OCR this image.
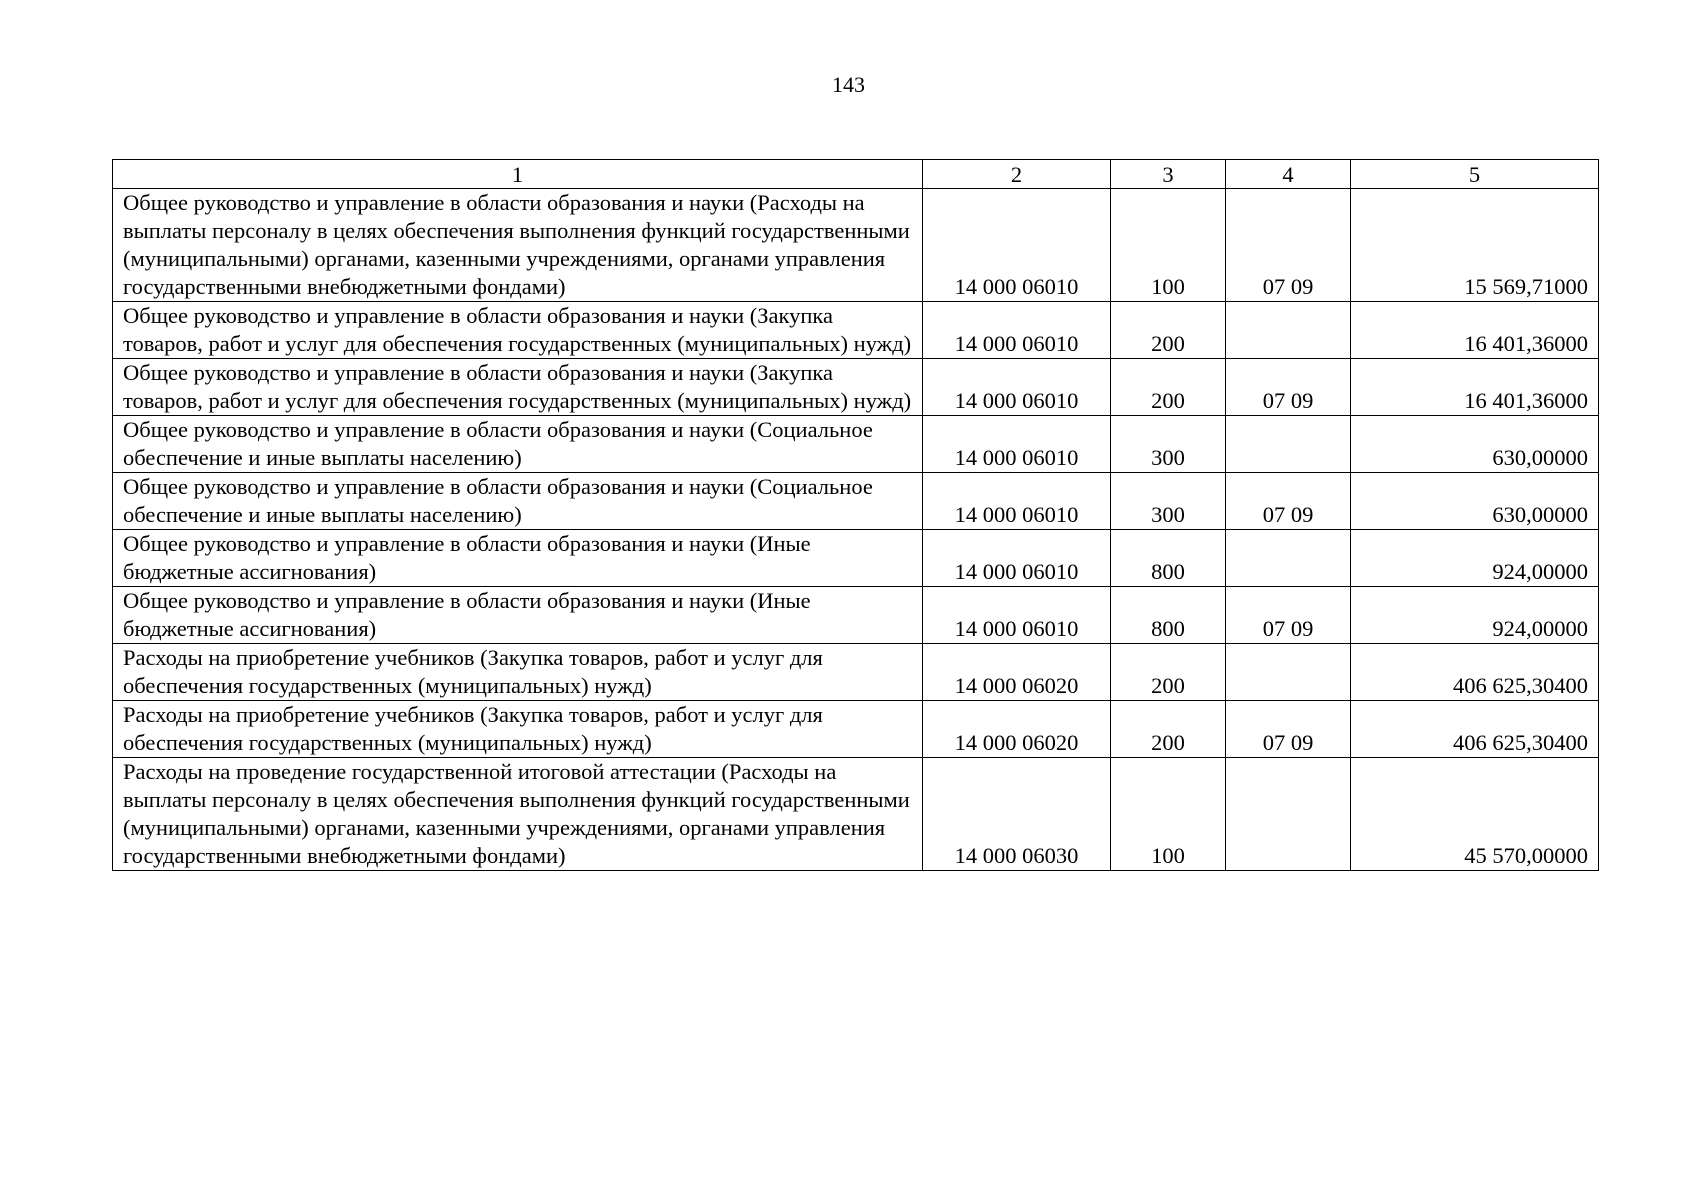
143
1	2	3	4	5
Общее руководство и управление в области образования и науки (Расходы на выплаты персоналу в целях обеспечения выполнения функций государственными (муниципальными) органами, казенными учреждениями, органами управления государственными внебюджетными фондами)	14 000 06010	100	07 09	15 569,71000
Общее руководство и управление в области образования и науки (Закупка товаров, работ и услуг для обеспечения государственных (муниципальных) нужд)	14 000 06010	200		16 401,36000
Общее руководство и управление в области образования и науки (Закупка товаров, работ и услуг для обеспечения государственных (муниципальных) нужд)	14 000 06010	200	07 09	16 401,36000
Общее руководство и управление в области образования и науки (Социальное обеспечение и иные выплаты населению)	14 000 06010	300		630,00000
Общее руководство и управление в области образования и науки (Социальное обеспечение и иные выплаты населению)	14 000 06010	300	07 09	630,00000
Общее руководство и управление в области образования и науки (Иные бюджетные ассигнования)	14 000 06010	800		924,00000
Общее руководство и управление в области образования и науки (Иные бюджетные ассигнования)	14 000 06010	800	07 09	924,00000
Расходы на приобретение учебников (Закупка товаров, работ и услуг для обеспечения государственных (муниципальных) нужд)	14 000 06020	200		406 625,30400
Расходы на приобретение учебников (Закупка товаров, работ и услуг для обеспечения государственных (муниципальных) нужд)	14 000 06020	200	07 09	406 625,30400
Расходы на проведение государственной итоговой аттестации (Расходы на выплаты персоналу в целях обеспечения выполнения функций государственными (муниципальными) органами, казенными учреждениями, органами управления государственными внебюджетными фондами)	14 000 06030	100		45 570,00000
